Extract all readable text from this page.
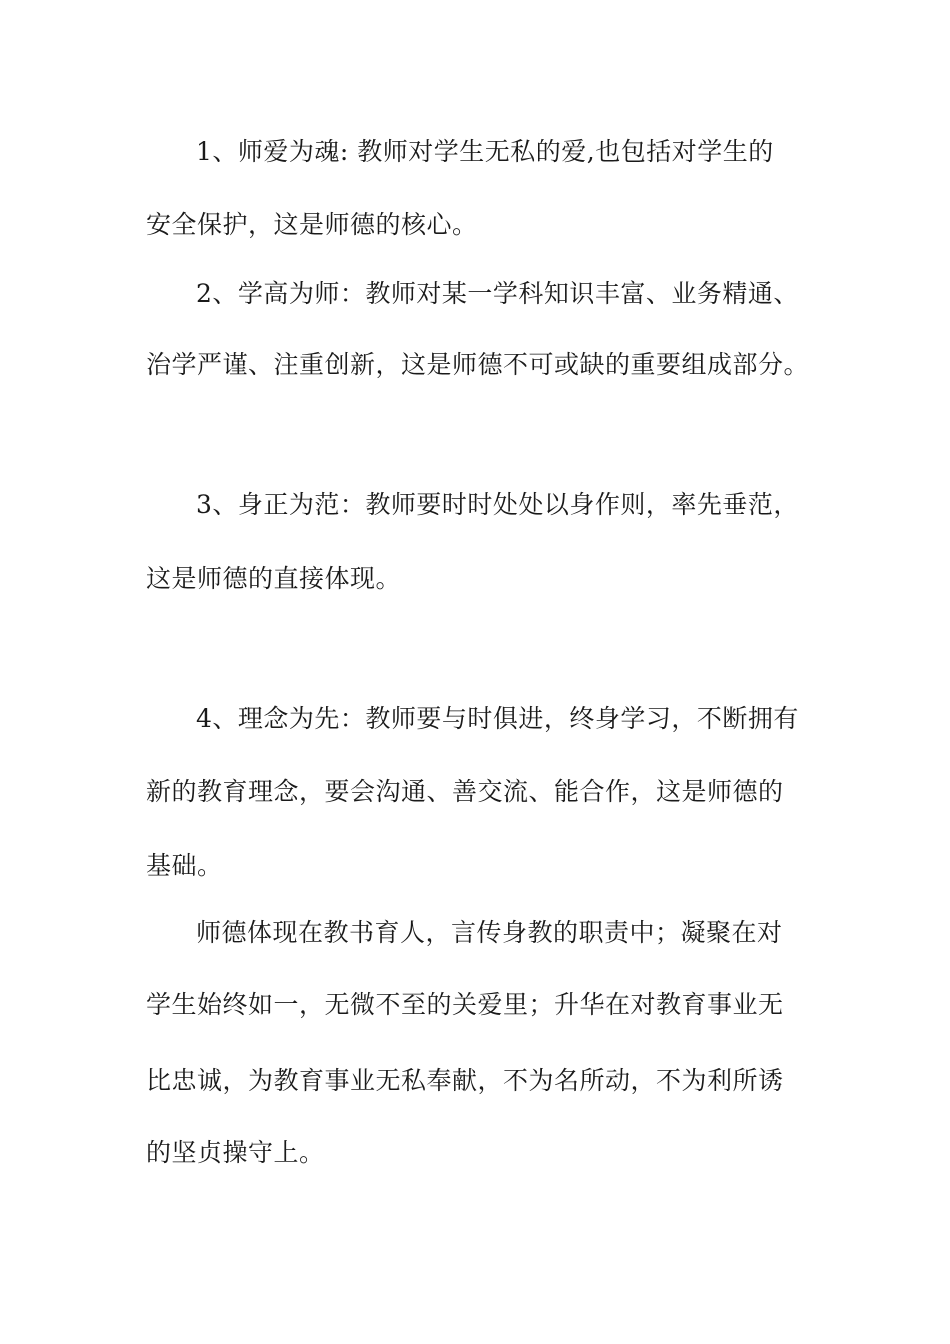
1、师爱为魂: 教师对学生无私的爱,也包括对学生的
安全保护，这是师德的核心。
2、学高为师：教师对某一学科知识丰富、业务精通、
治学严谨、注重创新，这是师德不可或缺的重要组成部分。
3、身正为范：教师要时时处处以身作则，率先垂范，
这是师德的直接体现。
4、理念为先：教师要与时俱进，终身学习，不断拥有
新的教育理念，要会沟通、善交流、能合作，这是师德的
基础。
师德体现在教书育人，言传身教的职责中；凝聚在对
学生始终如一，无微不至的关爱里；升华在对教育事业无
比忠诚，为教育事业无私奉献，不为名所动，不为利所诱
的坚贞操守上。
